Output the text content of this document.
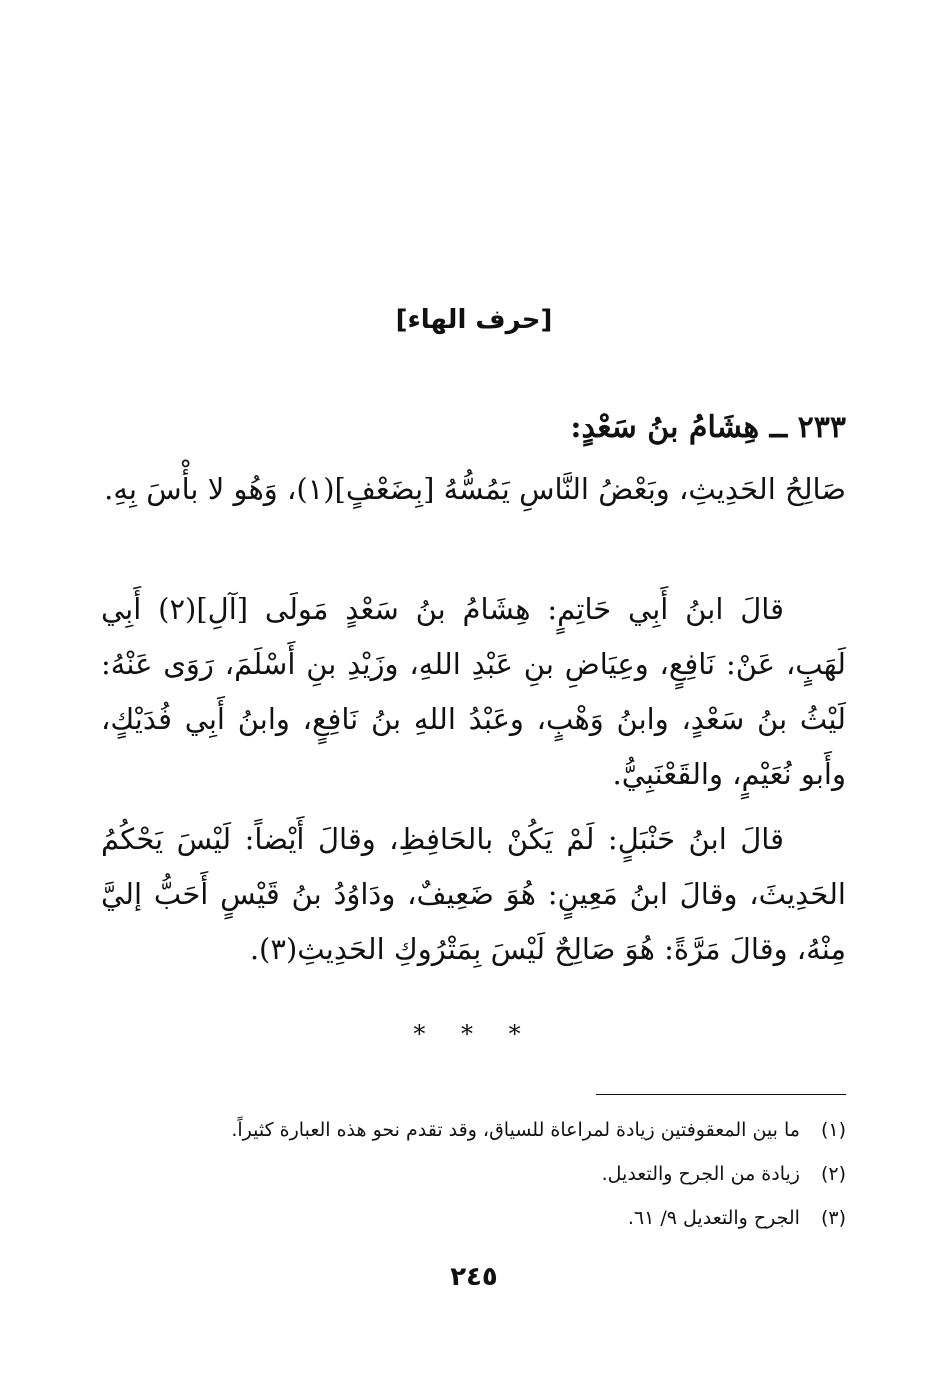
[حرف الهاء]
٢٣٣ ــ هِشَامُ بنُ سَعْدٍ:
صَالِحُ الحَدِيثِ، وبَعْضُ النَّاسِ يَمُسُّهُ [بِضَعْفٍ](١)، وَهُو لا بأْسَ بِهِ.
قالَ ابنُ أَبِي حَاتِمٍ: هِشَامُ بنُ سَعْدٍ مَولَى [آلِ](٢) أَبِي لَهَبٍ، عَنْ: نَافِعٍ، وعِيَاضِ بنِ عَبْدِ اللهِ، وزَيْدِ بنِ أَسْلَمَ، رَوَى عَنْهُ: لَيْثُ بنُ سَعْدٍ، وابنُ وَهْبٍ، وعَبْدُ اللهِ بنُ نَافِعٍ، وابنُ أَبِي فُدَيْكٍ، وأَبو نُعَيْمٍ، والقَعْنَبِيُّ.
قالَ ابنُ حَنْبَلٍ: لَمْ يَكُنْ بالحَافِظِ، وقالَ أَيْضاً: لَيْسَ يَحْكُمُ الحَدِيثَ، وقالَ ابنُ مَعِينٍ: هُوَ ضَعِيفٌ، ودَاوُدُ بنُ قَيْسٍ أَحَبُّ إليَّ مِنْهُ، وقالَ مَرَّةً: هُوَ صَالِحٌ لَيْسَ بِمَتْرُوكِ الحَدِيثِ(٣).
* * *
(١) ما بين المعقوفتين زيادة لمراعاة للسياق، وقد تقدم نحو هذه العبارة كثيراً.
(٢) زيادة من الجرح والتعديل.
(٣) الجرح والتعديل ٩/ ٦١.
٢٤٥
